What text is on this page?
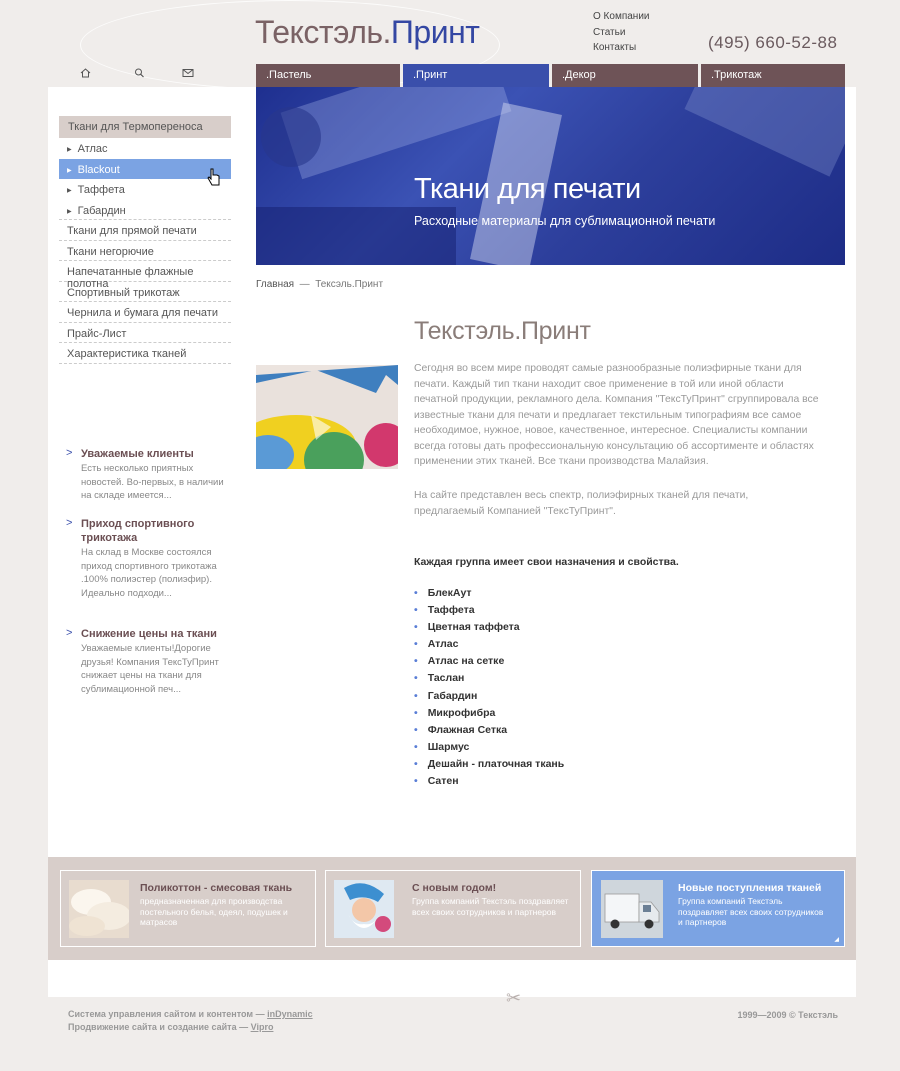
Текстэль.Принт	О Компании
Статьи
Контакты	(495) 660-52-88
.Пастель	.Принт	.Декор	.Трикотаж
Ткани для печати

Расходные материалы для сублимационной печати

Ткани для Термопереноса
▶ Атлас
▶ Blackout
▶ Таффета
▶ Габардин
Ткани для прямой печати
Ткани негорючие
Напечатанные флажные полотна
Спортивный трикотаж
Чернила и бумага для печати
Прайс-Лист
Характеристика тканей
> Уважаемые клиенты
Есть несколько приятных новостей. Во-первых, в наличии на складе имеется...
> Приход спортивного трикотажа
На склад в Москве состоялся приход спортивного трикотажа .100% полиэстер (полиэфир). Идеально подходи...
> Снижение цены на ткани
Уважаемые клиенты!Дорогие друзья! Компания ТексТуПринт снижает цены на ткани для сублимационной печ...
Главная — Тексэль.Принт
Текстэль.Принт
Сегодня во всем мире проводят самые разнообразные полиэфирные ткани для печати. Каждый тип ткани находит свое применение в той или иной области печатной продукции, рекламного дела. Компания "ТексТуПринт" сгруппировала все известные ткани для печати и предлагает текстильным типографиям все самое необходимое, нужное, новое, качественное, интересное. Специалисты компании всегда готовы дать профессиональную консультацию об ассортименте и областях применении этих тканей. Все ткани производства Малайзия.
На сайте представлен весь спектр, полиэфирных тканей для печати, предлагаемый Компанией "ТексТуПринт".
Каждая группа имеет свои назначения и свойства.
• БлекАут
• Таффета
• Цветная таффета
• Атлас
• Атлас на сетке
• Таслан
• Габардин
• Микрофибра
• Флажная Сетка
• Шармус
• Дешайн - платочная ткань
• Сатен
Поликоттон - смесовая ткань
предназначенная для производства постельного белья, одеял, подушек и матрасов
С новым годом!
Группа компаний Текстэль поздравляет всех своих сотрудников и партнеров
Новые поступления тканей
Группа компаний Текстэль поздравляет всех своих сотрудников и партнеров
◢
✂
Система управления сайтом и контентом — inDynamic
Продвижение сайта и создание сайта — Vipro
1999—2009 © Текстэль
